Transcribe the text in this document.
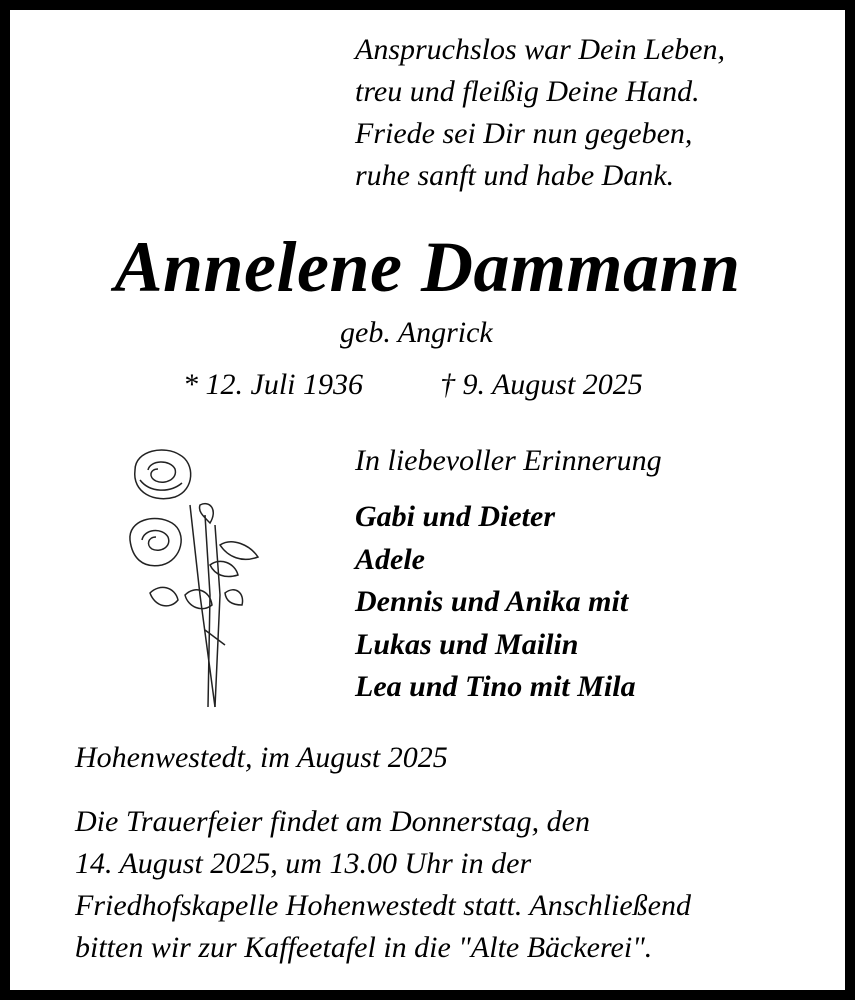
Anspruchslos war Dein Leben,
treu und fleißig Deine Hand.
Friede sei Dir nun gegeben,
ruhe sanft und habe Dank.
Annelene Dammann
geb. Angrick
* 12. Juli 1936	† 9. August 2025
In liebevoller Erinnerung
Gabi und Dieter
Adele
Dennis und Anika mit
Lukas und Mailin
Lea und Tino mit Mila
Hohenwestedt, im August 2025
Die Trauerfeier findet am Donnerstag, den
14. August 2025, um 13.00 Uhr in der
Friedhofskapelle Hohenwestedt statt. Anschließend
bitten wir zur Kaffeetafel in die "Alte Bäckerei".
